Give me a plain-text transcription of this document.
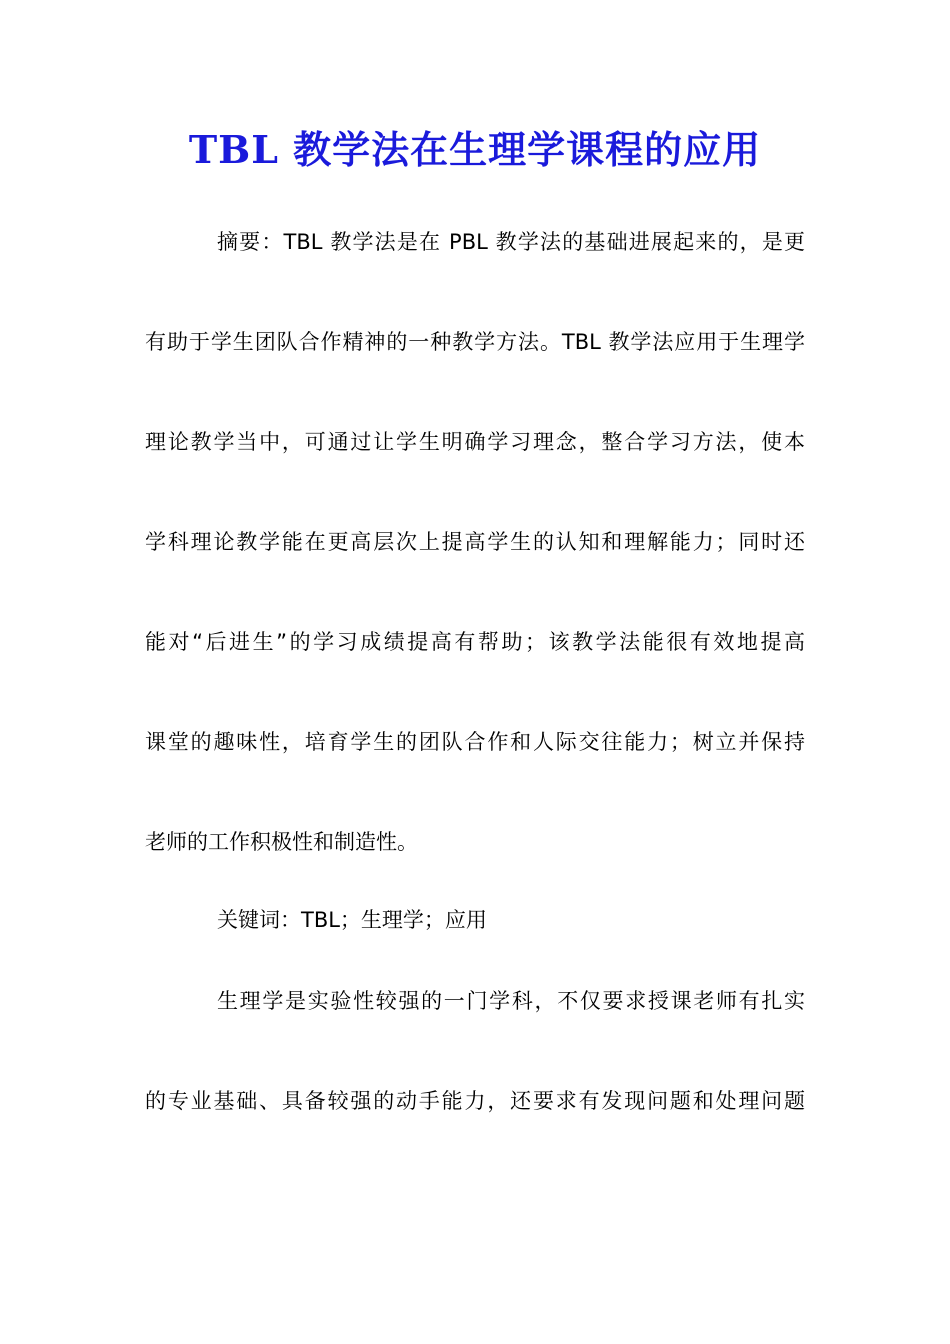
TBL 教学法在生理学课程的应用
摘要：TBL 教学法是在 PBL 教学法的基础进展起来的，是更
有助于学生团队合作精神的一种教学方法。TBL 教学法应用于生理学
理论教学当中，可通过让学生明确学习理念，整合学习方法，使本
学科理论教学能在更高层次上提高学生的认知和理解能力；同时还
能对“后进生”的学习成绩提高有帮助；该教学法能很有效地提高
课堂的趣味性，培育学生的团队合作和人际交往能力；树立并保持
老师的工作积极性和制造性。
关键词：TBL；生理学；应用
生理学是实验性较强的一门学科，不仅要求授课老师有扎实
的专业基础、具备较强的动手能力，还要求有发现问题和处理问题
